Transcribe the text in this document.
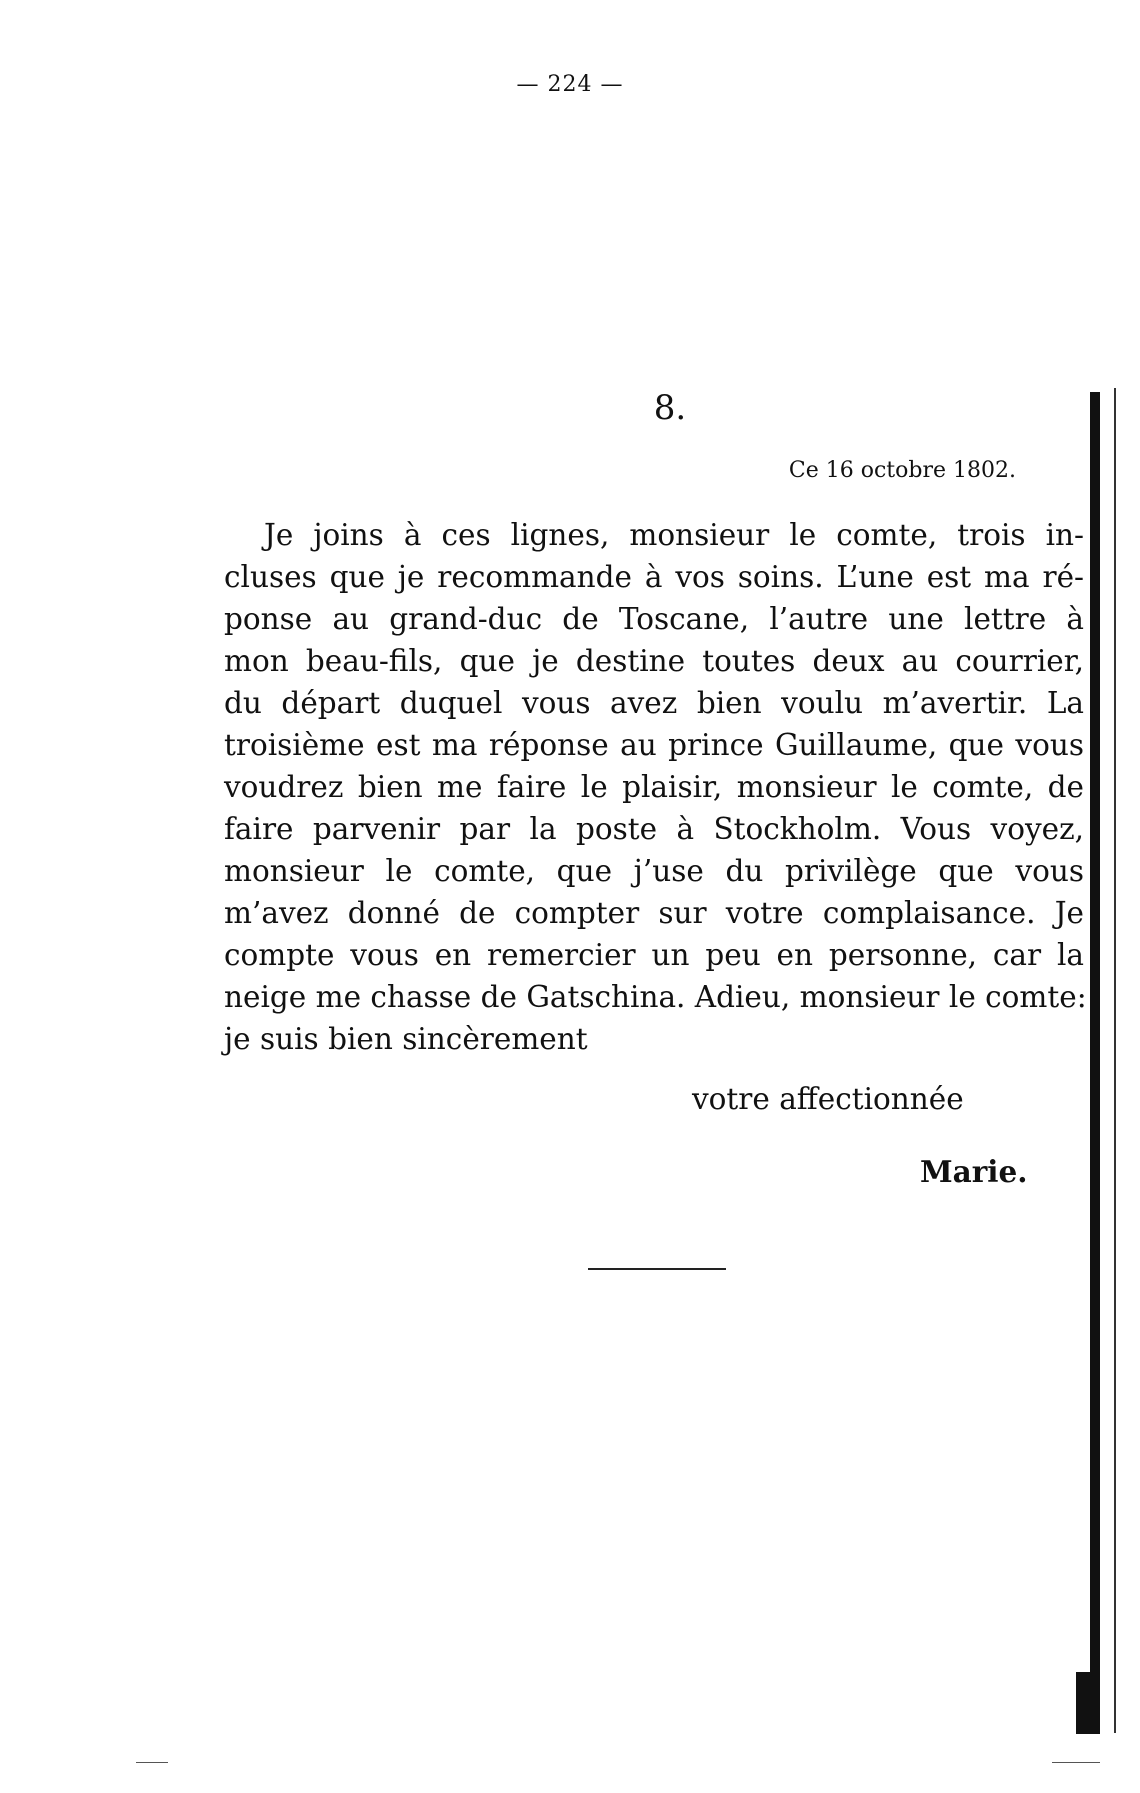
— 224 —
8.
Ce 16 octobre 1802.
Je joins à ces lignes, monsieur le comte, trois in-
cluses que je recommande à vos soins. L’une est ma ré-
ponse au grand-duc de Toscane, l’autre une lettre à
mon beau-fils, que je destine toutes deux au courrier,
du départ duquel vous avez bien voulu m’avertir. La
troisième est ma réponse au prince Guillaume, que vous
voudrez bien me faire le plaisir, monsieur le comte, de
faire parvenir par la poste à Stockholm. Vous voyez,
monsieur le comte, que j’use du privilège que vous
m’avez donné de compter sur votre complaisance. Je
compte vous en remercier un peu en personne, car la
neige me chasse de Gatschina. Adieu, monsieur le comte:
je suis bien sincèrement
votre affectionnée
Marie.
